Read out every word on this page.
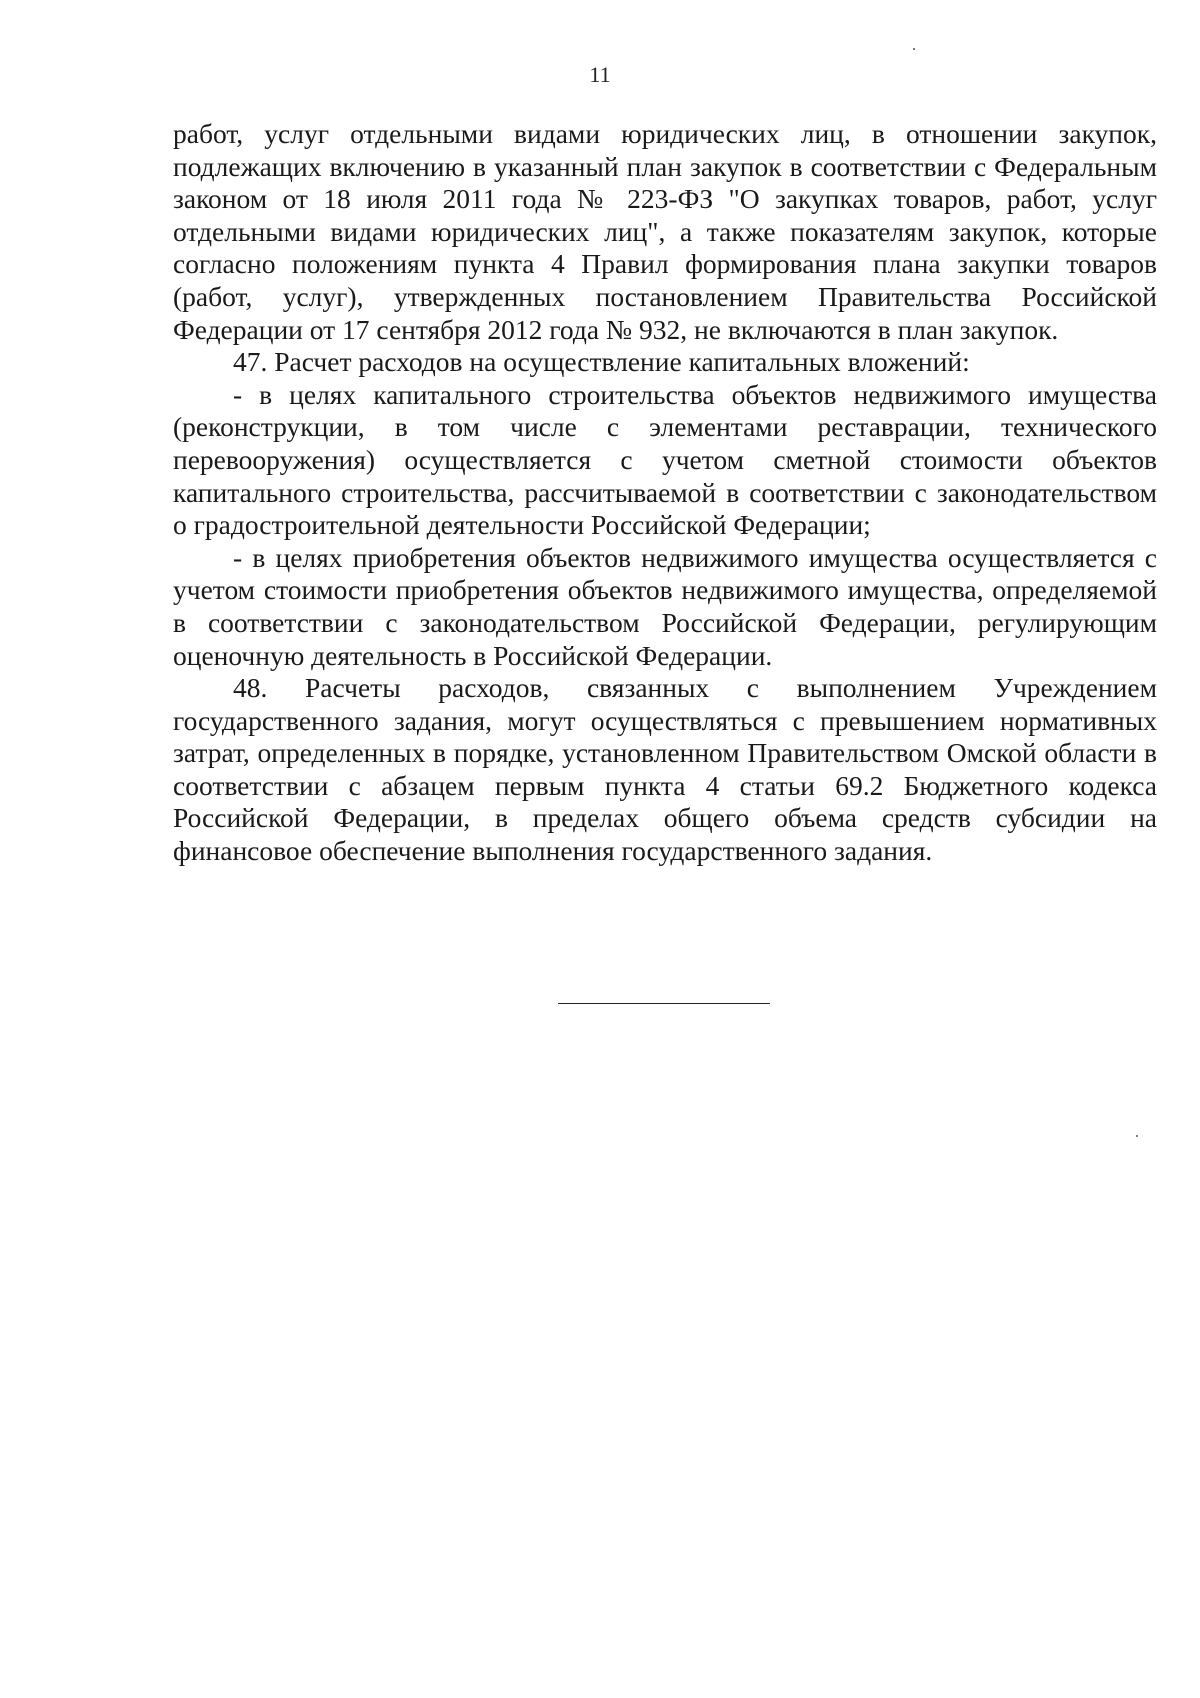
11

работ, услуг отдельными видами юридических лиц, в отношении закупок, подлежащих включению в указанный план закупок в соответствии с Федеральным законом от 18 июля 2011 года № 223-ФЗ "О закупках товаров, работ, услуг отдельными видами юридических лиц", а также показателям закупок, которые согласно положениям пункта 4 Правил формирования плана закупки товаров (работ, услуг), утвержденных постановлением Правительства Российской Федерации от 17 сентября 2012 года № 932, не включаются в план закупок.

47. Расчет расходов на осуществление капитальных вложений:

- в целях капитального строительства объектов недвижимого имущества (реконструкции, в том числе с элементами реставрации, технического перевооружения) осуществляется с учетом сметной стоимости объектов капитального строительства, рассчитываемой в соответствии с законодательством о градостроительной деятельности Российской Федерации;

- в целях приобретения объектов недвижимого имущества осуществляется с учетом стоимости приобретения объектов недвижимого имущества, определяемой в соответствии с законодательством Российской Федерации, регулирующим оценочную деятельность в Российской Федерации.

48. Расчеты расходов, связанных с выполнением Учреждением государственного задания, могут осуществляться с превышением нормативных затрат, определенных в порядке, установленном Правительством Омской области в соответствии с абзацем первым пункта 4 статьи 69.2 Бюджетного кодекса Российской Федерации, в пределах общего объема средств субсидии на финансовое обеспечение выполнения государственного задания.
